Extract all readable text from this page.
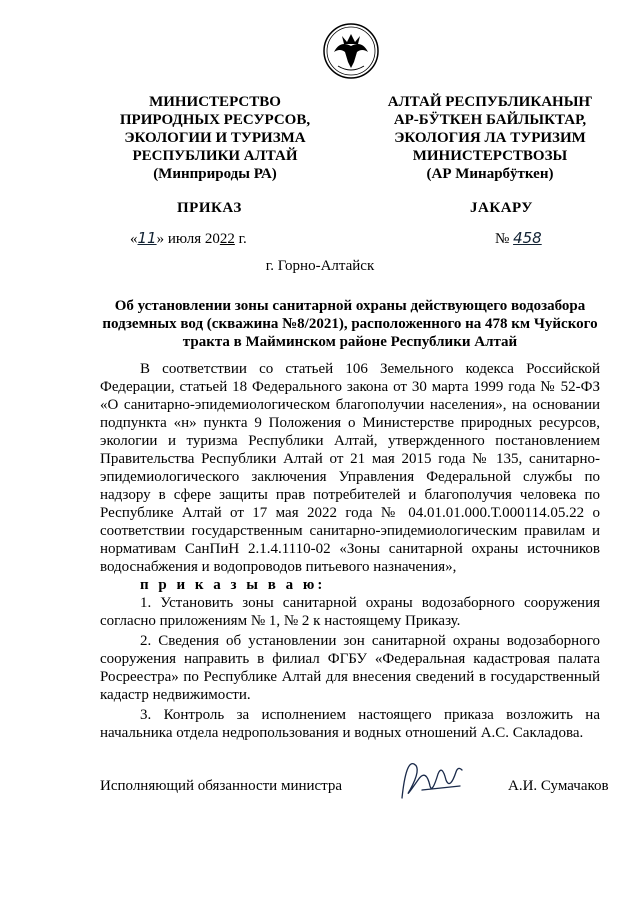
МИНИСТЕРСТВО
ПРИРОДНЫХ РЕСУРСОВ,
ЭКОЛОГИИ И ТУРИЗМА
РЕСПУБЛИКИ АЛТАЙ
(Минприроды РА)
АЛТАЙ РЕСПУБЛИКАНЫҤ
АР-БӰТКЕН БАЙЛЫКТАР,
ЭКОЛОГИЯ ЛА ТУРИЗИМ
МИНИСТЕРСТВОЗЫ
(АР Минарбӱткен)
ПРИКАЗ	JАКАРУ
«11» июля 2022 г.	№ 458
г. Горно-Алтайск
Об установлении зоны санитарной охраны действующего водозабора подземных вод (скважина №8/2021), расположенного на 478 км Чуйского тракта в Майминском районе Республики Алтай

В соответствии со статьей 106 Земельного кодекса Российской Федерации, статьей 18 Федерального закона от 30 марта 1999 года № 52-ФЗ «О санитарно-эпидемиологическом благополучии населения», на основании подпункта «н» пункта 9 Положения о Министерстве природных ресурсов, экологии и туризма Республики Алтай, утвержденного постановлением Правительства Республики Алтай от 21 мая 2015 года № 135, санитарно-эпидемиологического заключения Управления Федеральной службы по надзору в сфере защиты прав потребителей и благополучия человека по Республике Алтай от 17 мая 2022 года № 04.01.01.000.Т.000114.05.22 о соответствии государственным санитарно-эпидемиологическим правилам и нормативам СанПиН 2.1.4.1110-02 «Зоны санитарной охраны источников водоснабжения и водопроводов питьевого назначения»,

п р и к а з ы в а ю:

1. Установить зоны санитарной охраны водозаборного сооружения согласно приложениям № 1, № 2 к настоящему Приказу.

2. Сведения об установлении зон санитарной охраны водозаборного сооружения направить в филиал ФГБУ «Федеральная кадастровая палата Росреестра» по Республике Алтай для внесения сведений в государственный кадастр недвижимости.

3. Контроль за исполнением настоящего приказа возложить на начальника отдела недропользования и водных отношений А.С. Сакладова.

Исполняющий обязанности министра	А.И. Сумачаков
